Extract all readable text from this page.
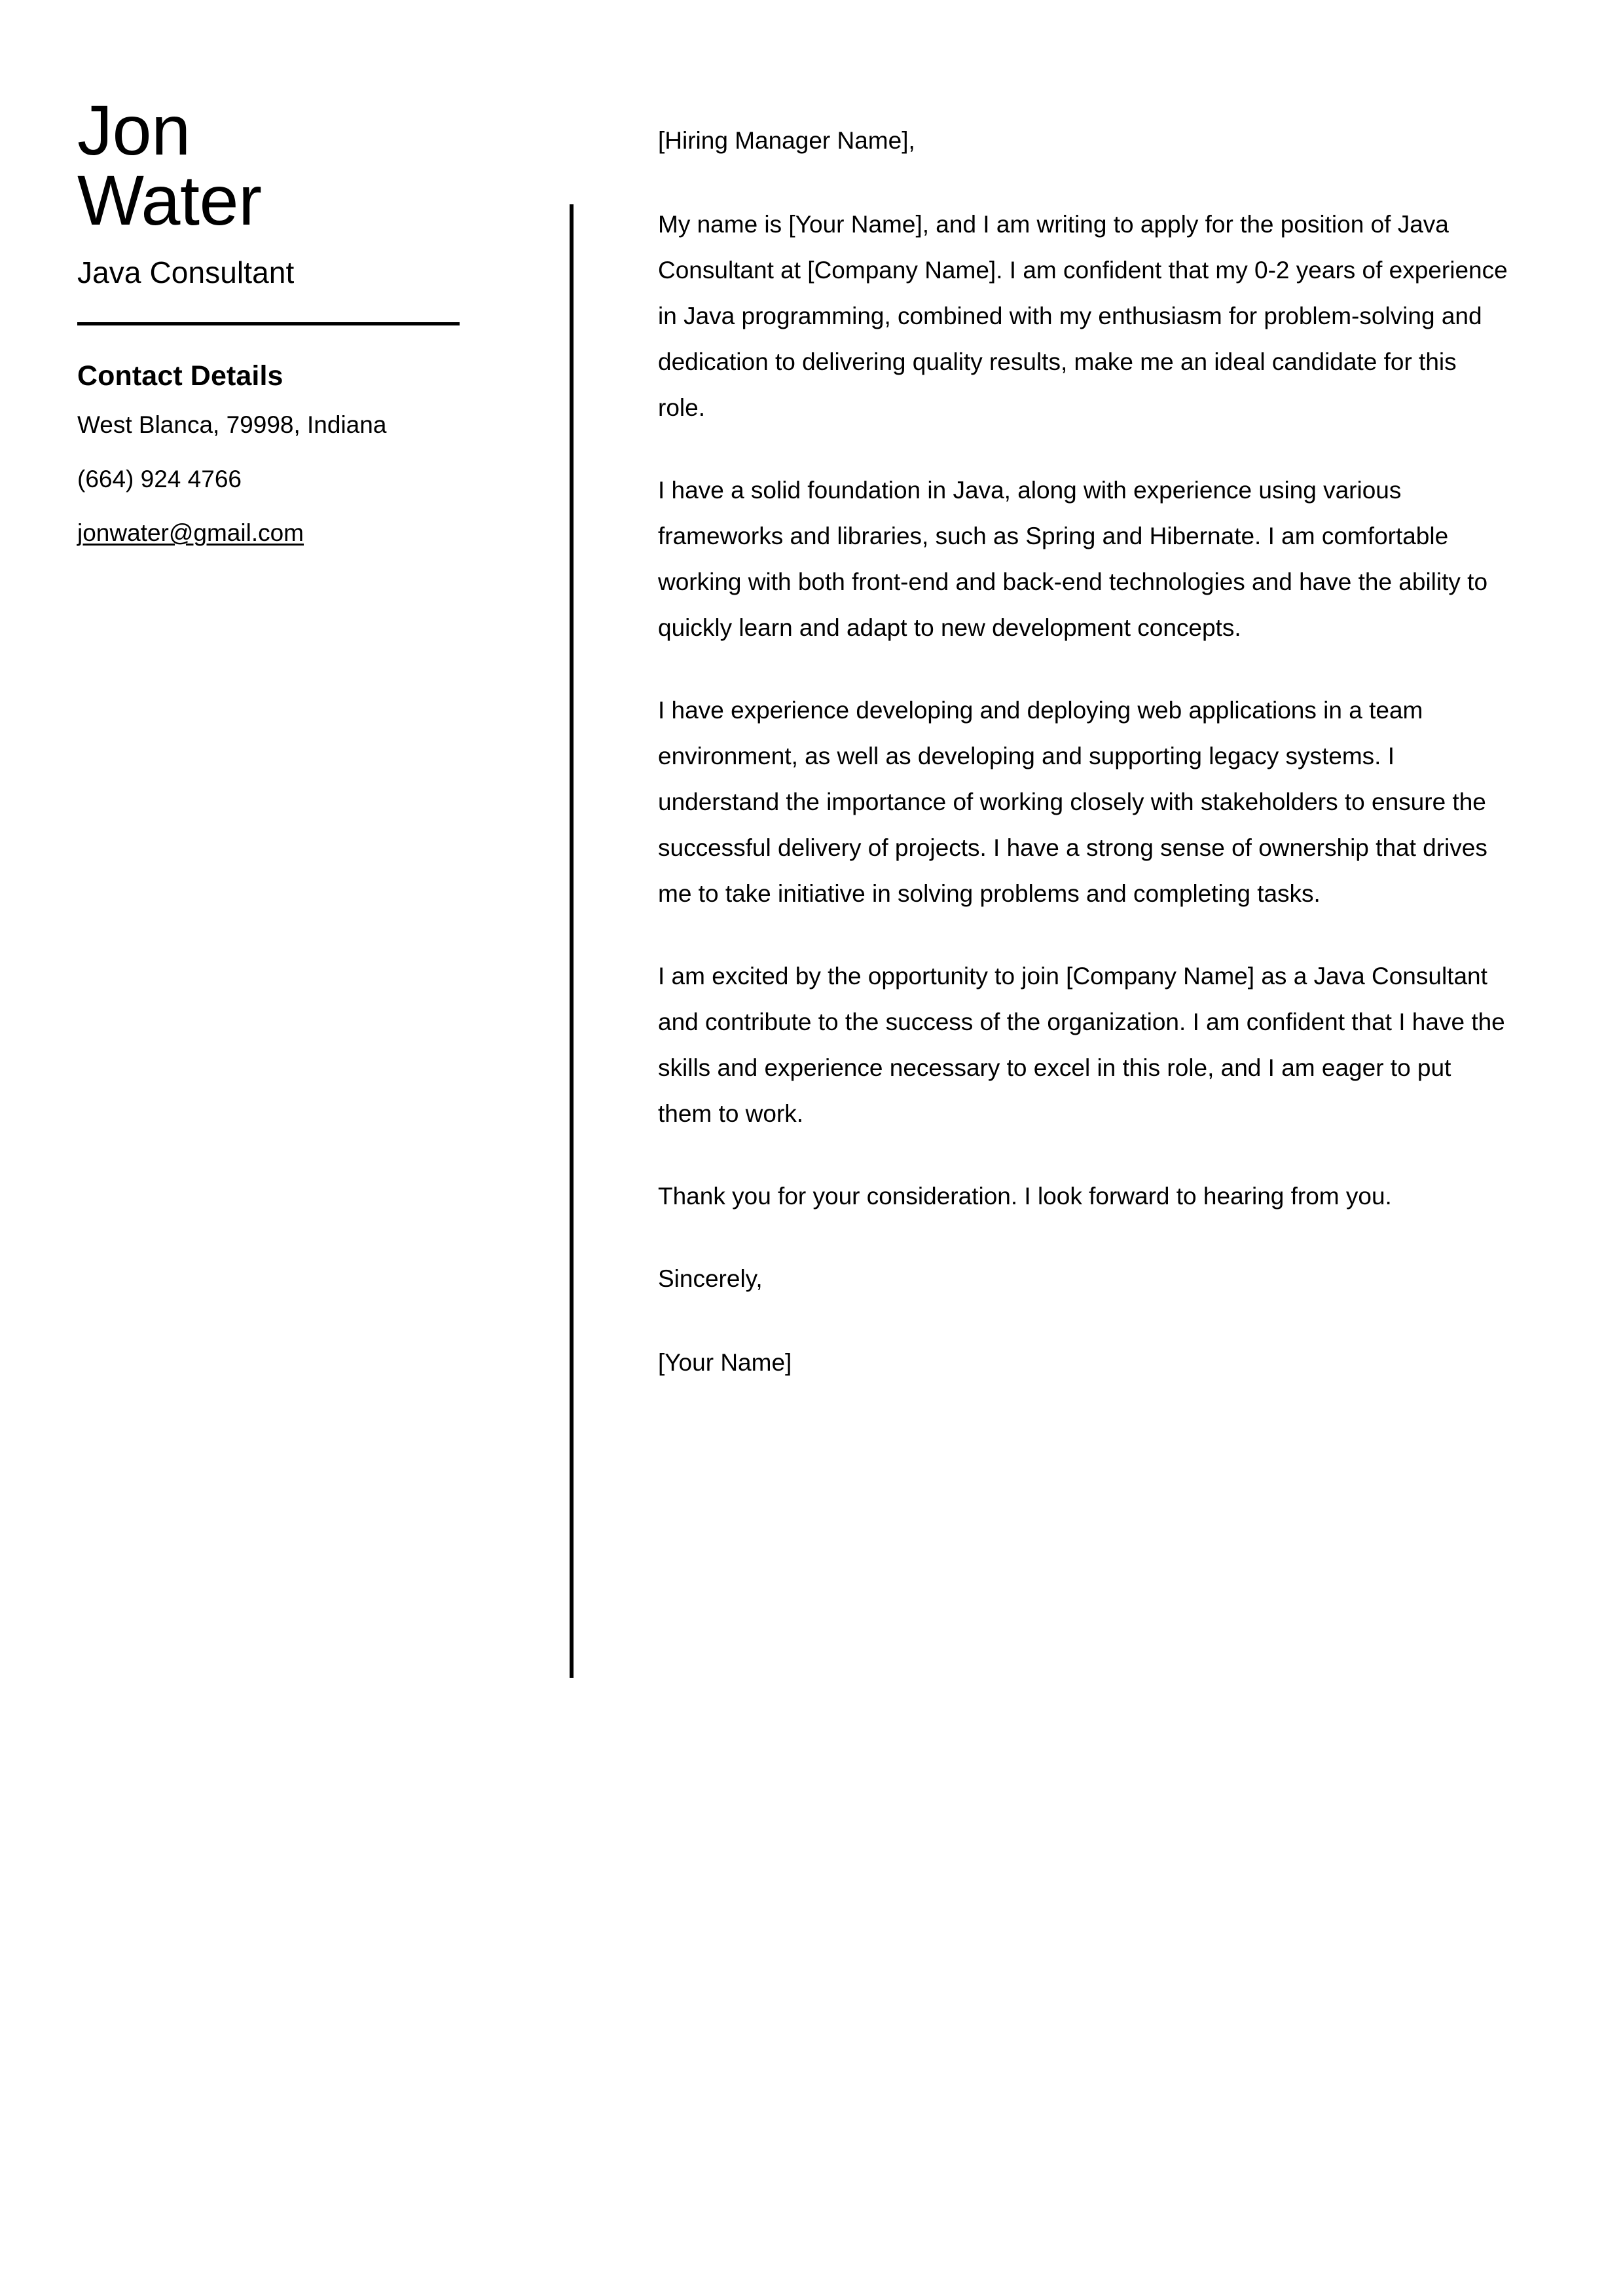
Jon
Water
Java Consultant
Contact Details
West Blanca, 79998, Indiana
(664) 924 4766
jonwater@gmail.com

[Hiring Manager Name],

My name is [Your Name], and I am writing to apply for the position of Java Consultant at [Company Name]. I am confident that my 0-2 years of experience in Java programming, combined with my enthusiasm for problem-solving and dedication to delivering quality results, make me an ideal candidate for this role.

I have a solid foundation in Java, along with experience using various frameworks and libraries, such as Spring and Hibernate. I am comfortable working with both front-end and back-end technologies and have the ability to quickly learn and adapt to new development concepts.

I have experience developing and deploying web applications in a team environment, as well as developing and supporting legacy systems. I understand the importance of working closely with stakeholders to ensure the successful delivery of projects. I have a strong sense of ownership that drives me to take initiative in solving problems and completing tasks.

I am excited by the opportunity to join [Company Name] as a Java Consultant and contribute to the success of the organization. I am confident that I have the skills and experience necessary to excel in this role, and I am eager to put them to work.

Thank you for your consideration. I look forward to hearing from you.

Sincerely,

[Your Name]
